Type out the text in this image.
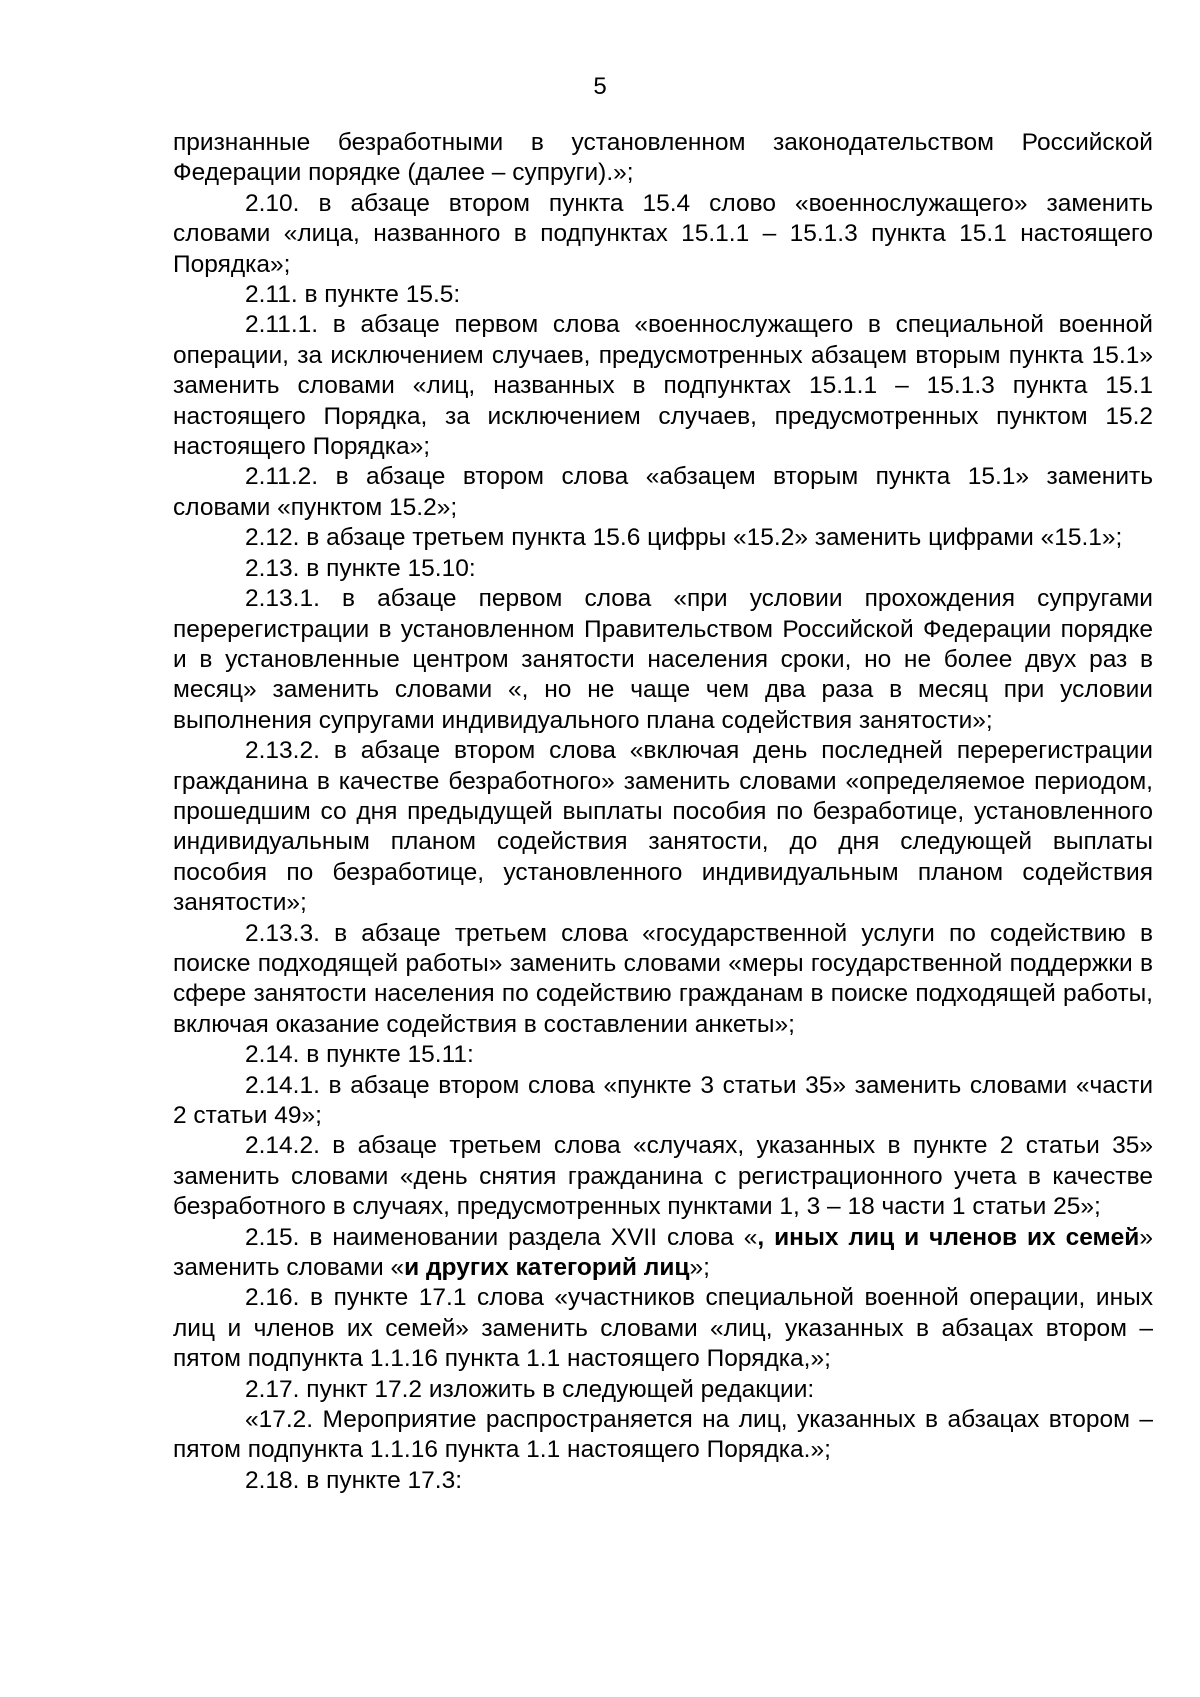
5

признанные безработными в установленном законодательством Российской Федерации порядке (далее – супруги).»;

2.10. в абзаце втором пункта 15.4 слово «военнослужащего» заменить словами «лица, названного в подпунктах 15.1.1 – 15.1.3 пункта 15.1 настоящего Порядка»;

2.11. в пункте 15.5:

2.11.1. в абзаце первом слова «военнослужащего в специальной военной операции, за исключением случаев, предусмотренных абзацем вторым пункта 15.1» заменить словами «лиц, названных в подпунктах 15.1.1 – 15.1.3 пункта 15.1 настоящего Порядка, за исключением случаев, предусмотренных пунктом 15.2 настоящего Порядка»;

2.11.2. в абзаце втором слова «абзацем вторым пункта 15.1» заменить словами «пунктом 15.2»;

2.12. в абзаце третьем пункта 15.6 цифры «15.2» заменить цифрами «15.1»;

2.13. в пункте 15.10:

2.13.1. в абзаце первом слова «при условии прохождения супругами перерегистрации в установленном Правительством Российской Федерации порядке и в установленные центром занятости населения сроки, но не более двух раз в месяц» заменить словами «, но не чаще чем два раза в месяц при условии выполнения супругами индивидуального плана содействия занятости»;

2.13.2. в абзаце втором слова «включая день последней перерегистрации гражданина в качестве безработного» заменить словами «определяемое периодом, прошедшим со дня предыдущей выплаты пособия по безработице, установленного индивидуальным планом содействия занятости, до дня следующей выплаты пособия по безработице, установленного индивидуальным планом содействия занятости»;

2.13.3. в абзаце третьем слова «государственной услуги по содействию в поиске подходящей работы» заменить словами «меры государственной поддержки в сфере занятости населения по содействию гражданам в поиске подходящей работы, включая оказание содействия в составлении анкеты»;

2.14. в пункте 15.11:

2.14.1. в абзаце втором слова «пункте 3 статьи 35» заменить словами «части 2 статьи 49»;

2.14.2. в абзаце третьем слова «случаях, указанных в пункте 2 статьи 35» заменить словами «день снятия гражданина с регистрационного учета в качестве безработного в случаях, предусмотренных пунктами 1, 3 – 18 части 1 статьи 25»;

2.15. в наименовании раздела XVII слова «, иных лиц и членов их семей» заменить словами «и других категорий лиц»;

2.16. в пункте 17.1 слова «участников специальной военной операции, иных лиц и членов их семей» заменить словами «лиц, указанных в абзацах втором – пятом подпункта 1.1.16 пункта 1.1 настоящего Порядка,»;

2.17. пункт 17.2 изложить в следующей редакции:

«17.2. Мероприятие распространяется на лиц, указанных в абзацах втором – пятом подпункта 1.1.16 пункта 1.1 настоящего Порядка.»;

2.18. в пункте 17.3:
